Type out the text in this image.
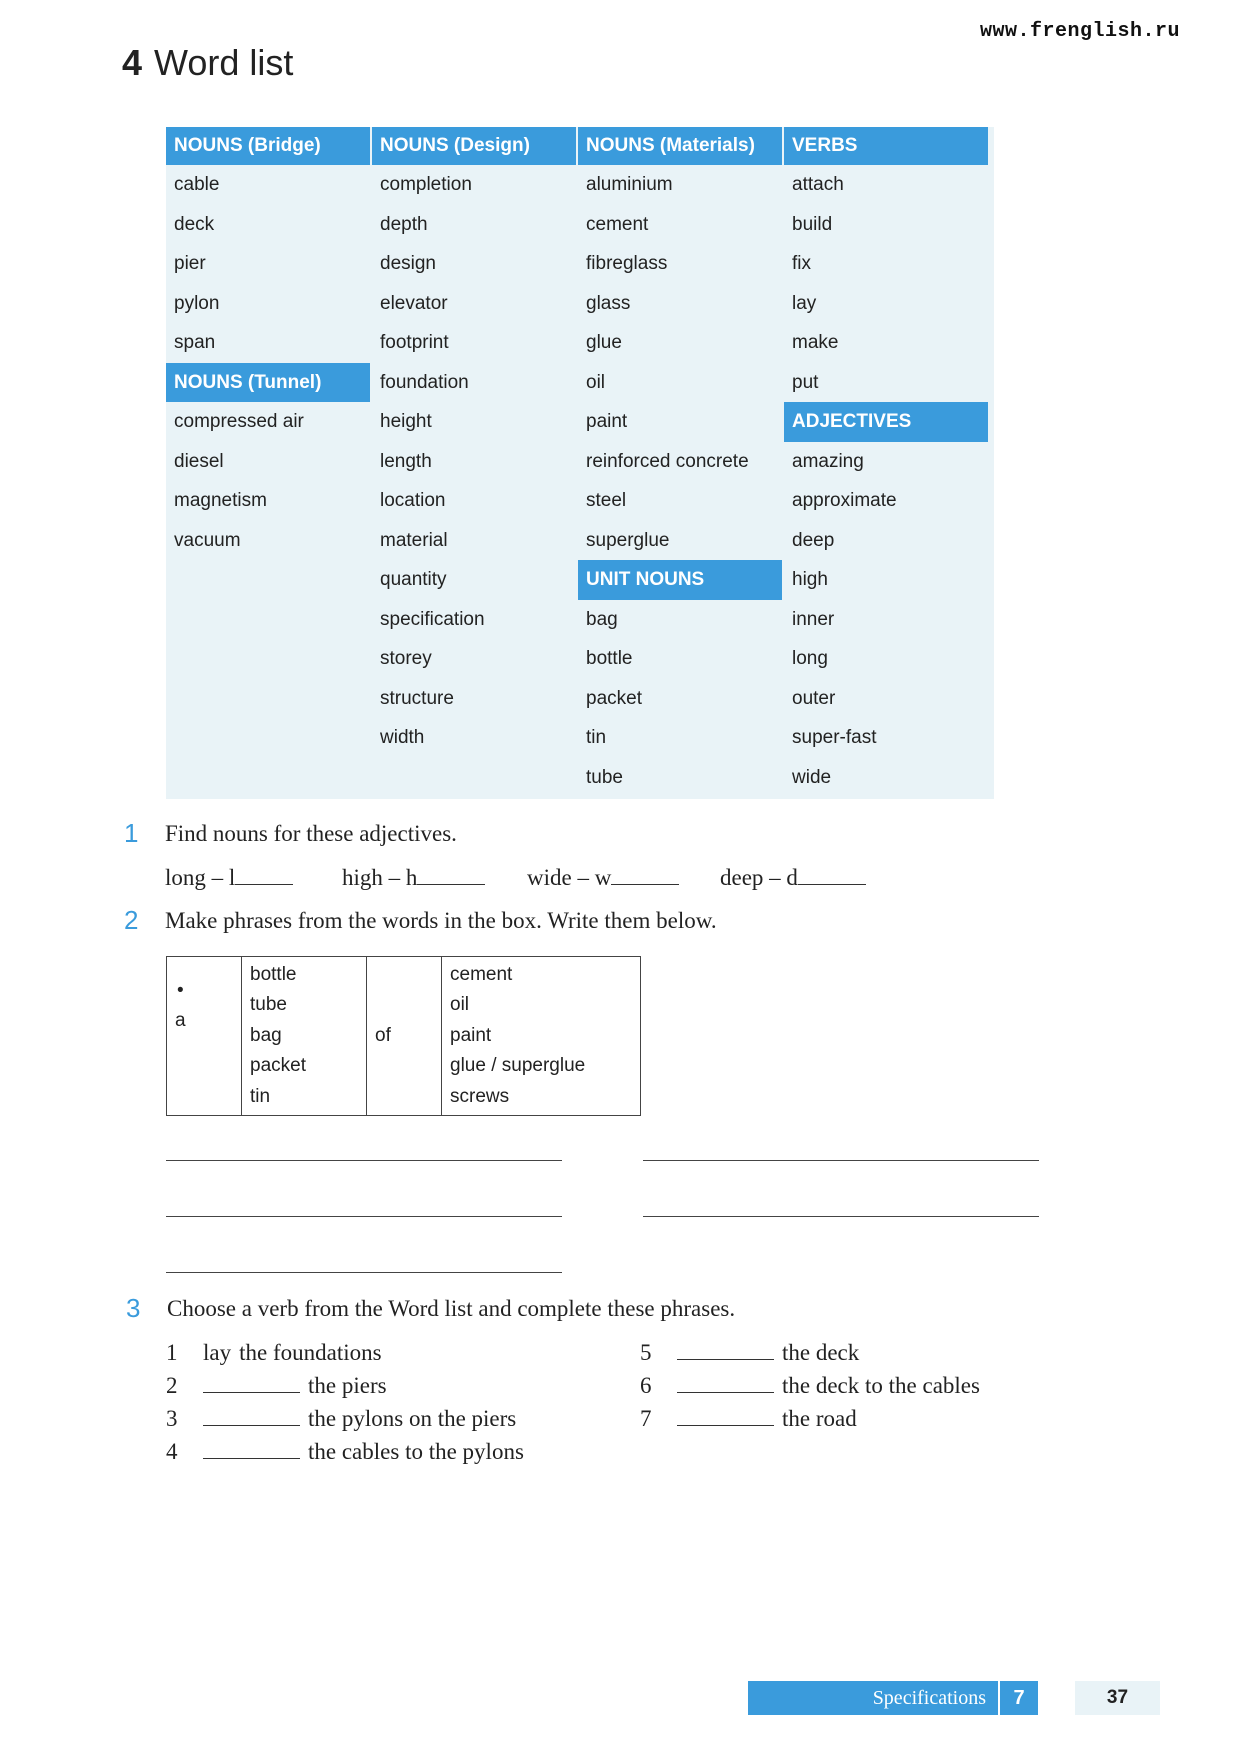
www.frenglish.ru
4 Word list
NOUNS (Bridge)
cable
deck
pier
pylon
span
NOUNS (Tunnel)
compressed air
diesel
magnetism
vacuum
NOUNS (Design)
completion
depth
design
elevator
footprint
foundation
height
length
location
material
quantity
specification
storey
structure
width
NOUNS (Materials)
aluminium
cement
fibreglass
glass
glue
oil
paint
reinforced concrete
steel
superglue
UNIT NOUNS
bag
bottle
packet
tin
tube
VERBS
attach
build
fix
lay
make
put
ADJECTIVES
amazing
approximate
deep
high
inner
long
outer
super-fast
wide
1 Find nouns for these adjectives.
long – l	high – h	wide – w	deep – d
2 Make phrases from the words in the box. Write them below.
•
a

bottle
tube
bag
packet
tin
	of	
cement
oil
paint
glue / superglue
screws
3 Choose a verb from the Word list and complete these phrases.
1 lay the foundations
2	the piers
3	the pylons on the piers
4	the cables to the pylons
5	the deck
6	the deck to the cables
7	the road
Specifications	7	37
